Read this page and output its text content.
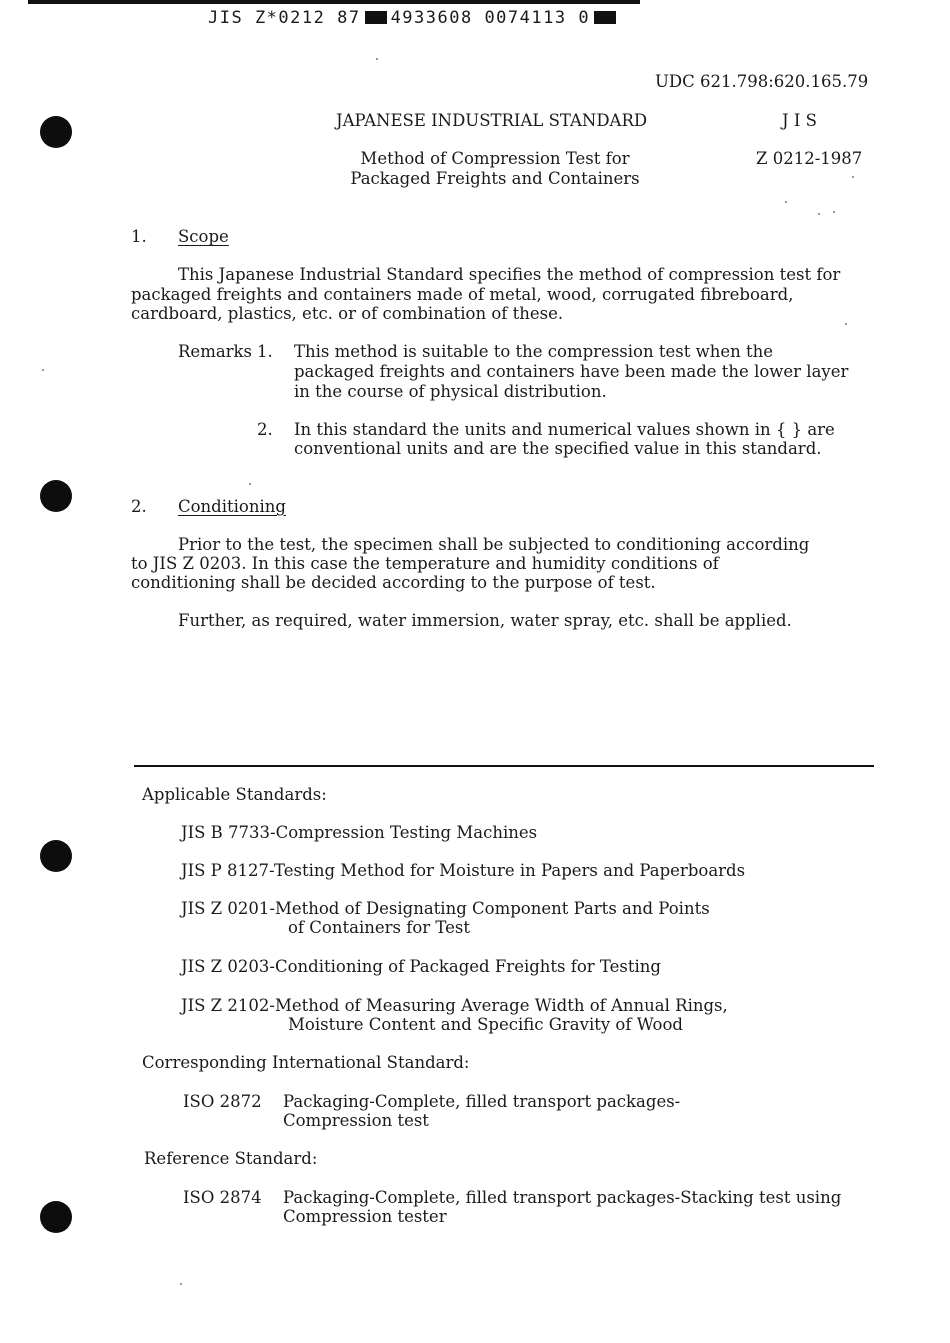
JIS Z*0212 87 4933608 0074113 0
UDC 621.798:620.165.79
JAPANESE INDUSTRIAL STANDARD	J I S
Method of Compression Test for
Packaged Freights and Containers
Z 0212-1987
1. Scope
This Japanese Industrial Standard specifies the method of compression test for
packaged freights and containers made of metal, wood, corrugated fibreboard,
cardboard, plastics, etc. or of combination of these.
Remarks 1. This method is suitable to the compression test when the
packaged freights and containers have been made the lower layer
in the course of physical distribution.
2. In this standard the units and numerical values shown in { } are
conventional units and are the specified value in this standard.
2. Conditioning
Prior to the test, the specimen shall be subjected to conditioning according
to JIS Z 0203. In this case the temperature and humidity conditions of
conditioning shall be decided according to the purpose of test.
Further, as required, water immersion, water spray, etc. shall be applied.
Applicable Standards:
JIS B 7733-Compression Testing Machines
JIS P 8127-Testing Method for Moisture in Papers and Paperboards
JIS Z 0201-Method of Designating Component Parts and Points
of Containers for Test
JIS Z 0203-Conditioning of Packaged Freights for Testing
JIS Z 2102-Method of Measuring Average Width of Annual Rings,
Moisture Content and Specific Gravity of Wood
Corresponding International Standard:
ISO 2872 Packaging-Complete, filled transport packages-
Compression test
Reference Standard:
ISO 2874 Packaging-Complete, filled transport packages-Stacking test using
Compression tester
